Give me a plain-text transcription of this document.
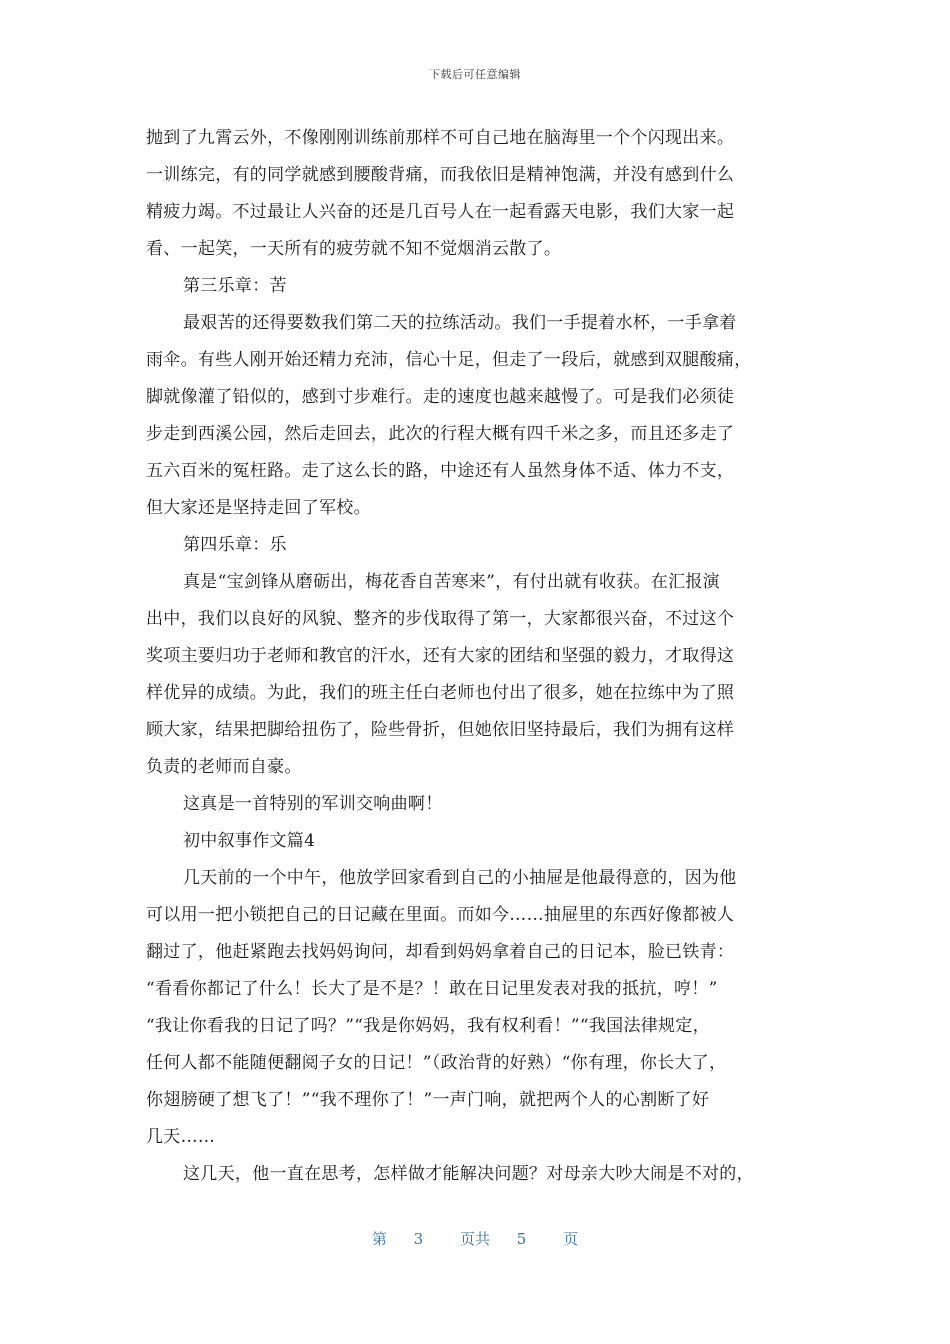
下载后可任意编辑
抛到了九霄云外，不像刚刚训练前那样不可自己地在脑海里一个个闪现出来。
一训练完，有的同学就感到腰酸背痛，而我依旧是精神饱满，并没有感到什么
精疲力竭。不过最让人兴奋的还是几百号人在一起看露天电影，我们大家一起
看、一起笑，一天所有的疲劳就不知不觉烟消云散了。
第三乐章：苦
最艰苦的还得要数我们第二天的拉练活动。我们一手提着水杯，一手拿着
雨伞。有些人刚开始还精力充沛，信心十足，但走了一段后，就感到双腿酸痛，
脚就像灌了铅似的，感到寸步难行。走的速度也越来越慢了。可是我们必须徒
步走到西溪公园，然后走回去，此次的行程大概有四千米之多，而且还多走了
五六百米的冤枉路。走了这么长的路，中途还有人虽然身体不适、体力不支，
但大家还是坚持走回了军校。
第四乐章：乐
真是“宝剑锋从磨砺出，梅花香自苦寒来”，有付出就有收获。在汇报演
出中，我们以良好的风貌、整齐的步伐取得了第一，大家都很兴奋，不过这个
奖项主要归功于老师和教官的汗水，还有大家的团结和坚强的毅力，才取得这
样优异的成绩。为此，我们的班主任白老师也付出了很多，她在拉练中为了照
顾大家，结果把脚给扭伤了，险些骨折，但她依旧坚持最后，我们为拥有这样
负责的老师而自豪。
这真是一首特别的军训交响曲啊！
初中叙事作文篇4
几天前的一个中午，他放学回家看到自己的小抽屉是他最得意的，因为他
可以用一把小锁把自己的日记藏在里面。而如今……抽屉里的东西好像都被人
翻过了，他赶紧跑去找妈妈询问，却看到妈妈拿着自己的日记本，脸已铁青：
“看看你都记了什么！长大了是不是？！敢在日记里发表对我的抵抗，哼！”
“我让你看我的日记了吗？”“我是你妈妈，我有权利看！”“我国法律规定，
任何人都不能随便翻阅子女的日记！”（政治背的好熟）“你有理，你长大了，
你翅膀硬了想飞了！”“我不理你了！”一声门响，就把两个人的心割断了好
几天……
这几天，他一直在思考，怎样做才能解决问题？对母亲大吵大闹是不对的，
第 3 页共 5 页
